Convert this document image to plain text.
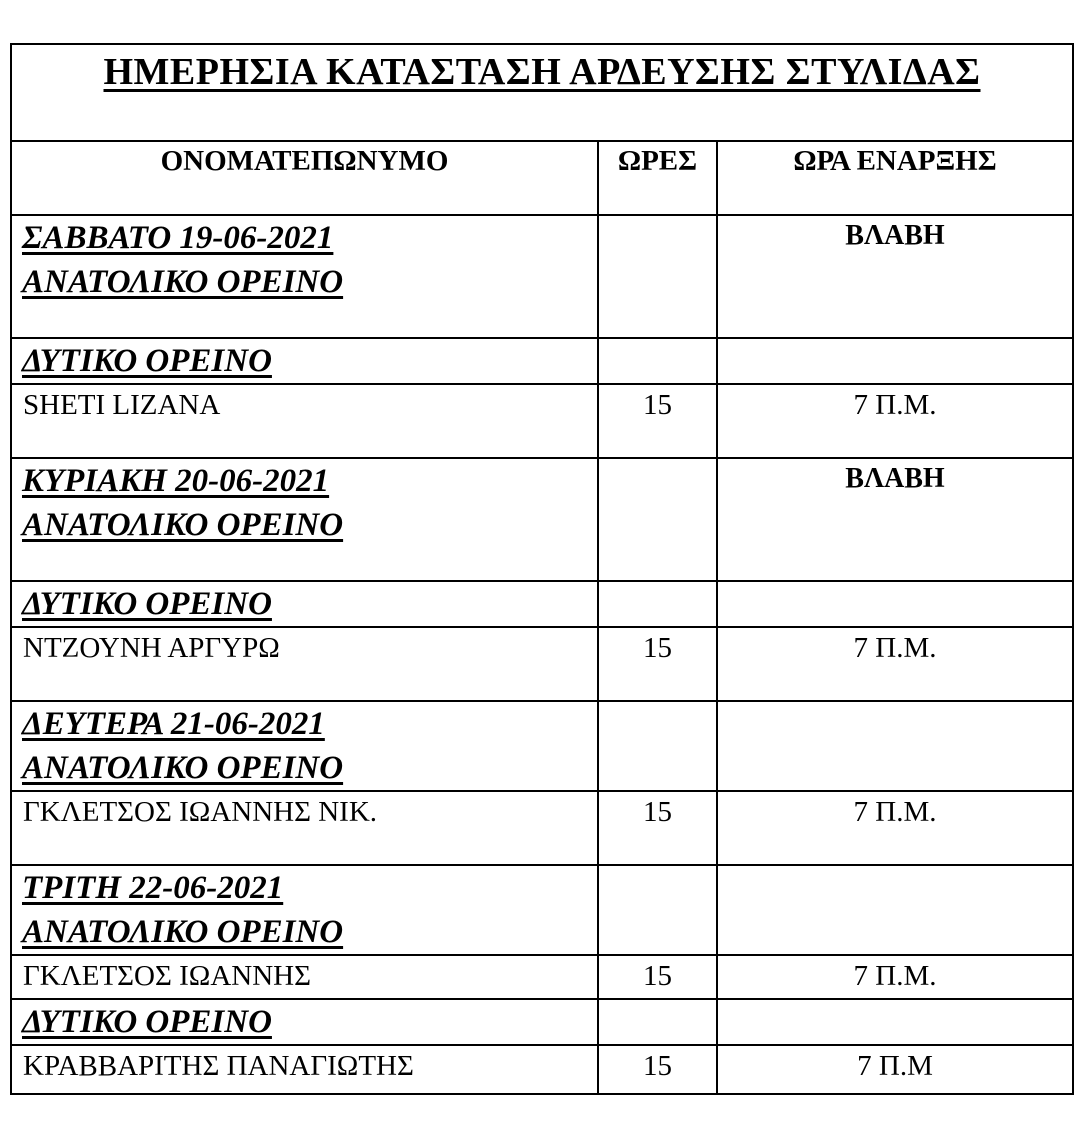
ΗΜΕΡΗΣΙΑ ΚΑΤΑΣΤΑΣΗ ΑΡΔΕΥΣΗΣ ΣΤΥΛΙΔΑΣ		
ΟΝΟΜΑΤΕΠΩΝΥΜΟ	ΩΡΕΣ	ΩΡΑ ΕΝΑΡΞΗΣ

ΣΑΒΒΑΤΟ 19-06-2021
ΑΝΑΤΟΛΙΚΟ ΟΡΕΙΝΟ		ΒΛΑΒΗ

ΔΥΤΙΚΟ ΟΡΕΙΝΟ		

SHETI LIZANA	15	7 Π.Μ.

ΚΥΡΙΑΚΗ 20-06-2021
ΑΝΑΤΟΛΙΚΟ ΟΡΕΙΝΟ		ΒΛΑΒΗ

ΔΥΤΙΚΟ ΟΡΕΙΝΟ		

ΝΤΖΟΥΝΗ ΑΡΓΥΡΩ	15	7 Π.Μ.

ΔΕΥΤΕΡΑ 21-06-2021
ΑΝΑΤΟΛΙΚΟ ΟΡΕΙΝΟ		

ΓΚΛΕΤΣΟΣ ΙΩΑΝΝΗΣ ΝΙΚ.	15	7 Π.Μ.

ΤΡΙΤΗ 22-06-2021
ΑΝΑΤΟΛΙΚΟ ΟΡΕΙΝΟ		

ΓΚΛΕΤΣΟΣ ΙΩΑΝΝΗΣ	15	7 Π.Μ.

ΔΥΤΙΚΟ ΟΡΕΙΝΟ		

ΚΡΑΒΒΑΡΙΤΗΣ ΠΑΝΑΓΙΩΤΗΣ	15	7 Π.Μ
